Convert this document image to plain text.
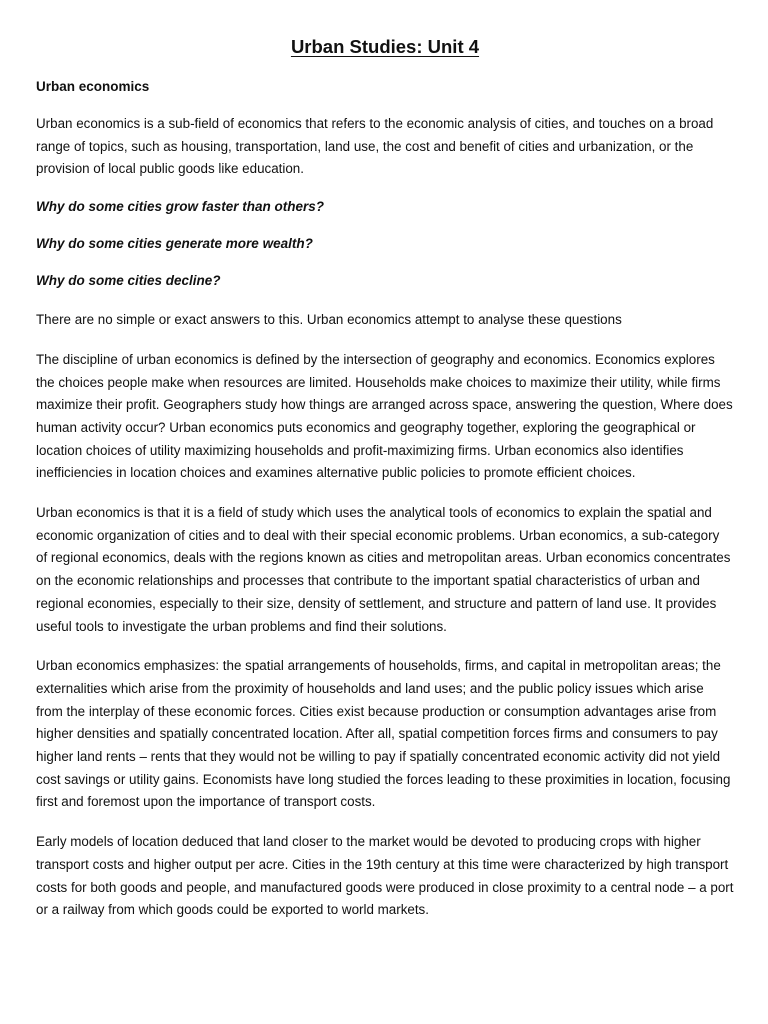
Urban Studies: Unit 4
Urban economics

Urban economics is a sub-field of economics that refers to the economic analysis of cities, and touches on a broad range of topics, such as housing, transportation, land use, the cost and benefit of cities and urbanization, or the provision of local public goods like education.

Why do some cities grow faster than others?

Why do some cities generate more wealth?

Why do some cities decline?

There are no simple or exact answers to this. Urban economics attempt to analyse these questions

The discipline of urban economics is defined by the intersection of geography and economics. Economics explores the choices people make when resources are limited. Households make choices to maximize their utility, while firms maximize their profit. Geographers study how things are arranged across space, answering the question, Where does human activity occur? Urban economics puts economics and geography together, exploring the geographical or location choices of utility maximizing households and profit-maximizing firms. Urban economics also identifies inefficiencies in location choices and examines alternative public policies to promote efficient choices.

Urban economics is that it is a field of study which uses the analytical tools of economics to explain the spatial and economic organization of cities and to deal with their special economic problems. Urban economics, a sub-category of regional economics, deals with the regions known as cities and metropolitan areas. Urban economics concentrates on the economic relationships and processes that contribute to the important spatial characteristics of urban and regional economies, especially to their size, density of settlement, and structure and pattern of land use. It provides useful tools to investigate the urban problems and find their solutions.

Urban economics emphasizes: the spatial arrangements of households, firms, and capital in metropolitan areas; the externalities which arise from the proximity of households and land uses; and the public policy issues which arise from the interplay of these economic forces. Cities exist because production or consumption advantages arise from higher densities and spatially concentrated location. After all, spatial competition forces firms and consumers to pay higher land rents – rents that they would not be willing to pay if spatially concentrated economic activity did not yield cost savings or utility gains. Economists have long studied the forces leading to these proximities in location, focusing first and foremost upon the importance of transport costs.

Early models of location deduced that land closer to the market would be devoted to producing crops with higher transport costs and higher output per acre. Cities in the 19th century at this time were characterized by high transport costs for both goods and people, and manufactured goods were produced in close proximity to a central node – a port or a railway from which goods could be exported to world markets.
